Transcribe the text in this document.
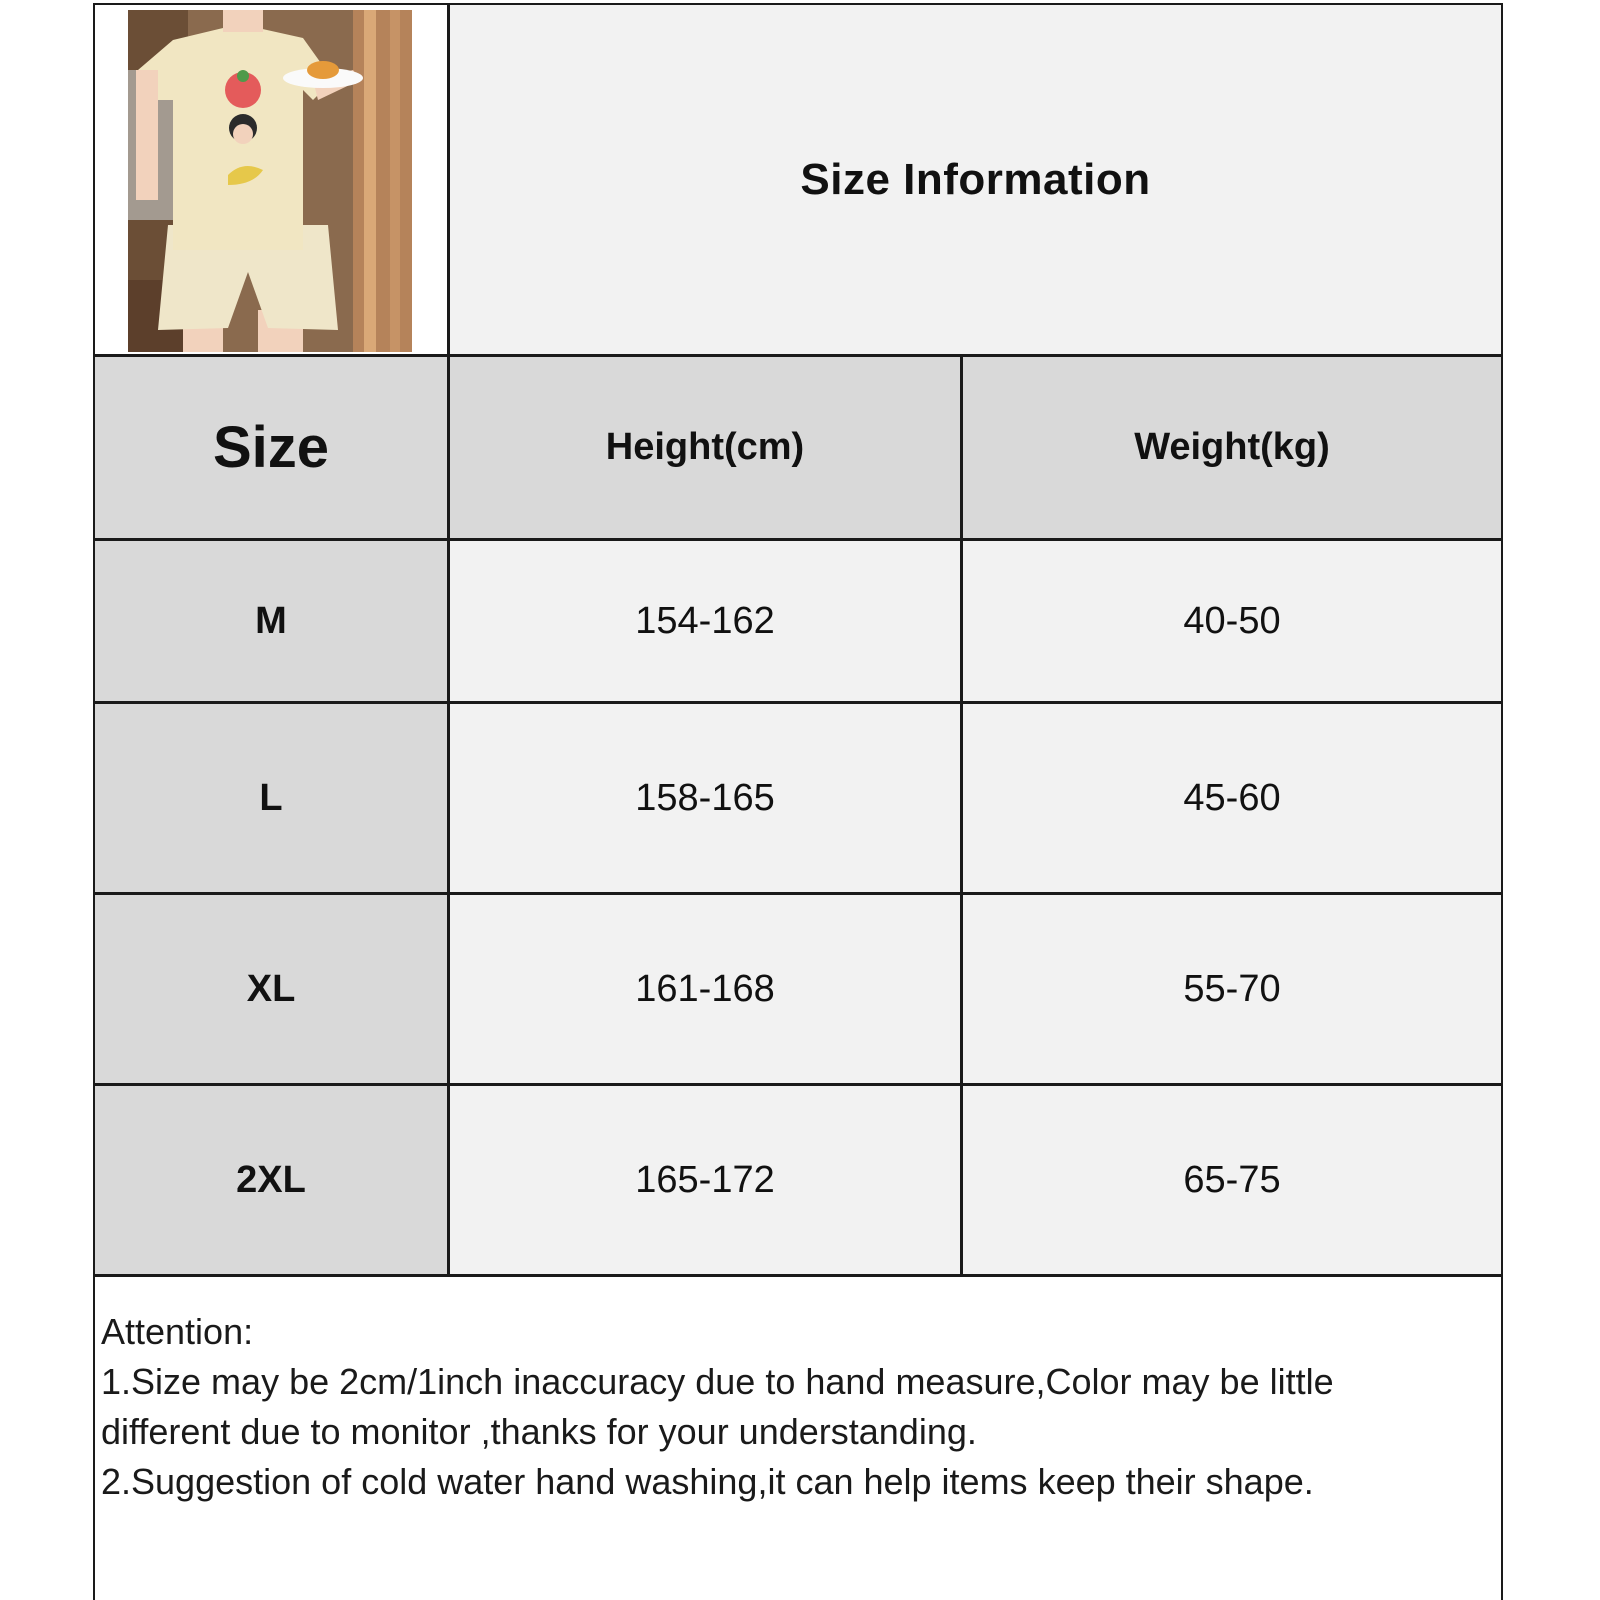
Size Information
Size	Height(cm)	Weight(kg)
M	154-162	40-50
L	158-165	45-60
XL	161-168	55-70
2XL	165-172	65-75
Attention:
1.Size may be 2cm/1inch inaccuracy due to hand measure,Color may be little
different due to monitor ,thanks for your understanding.
2.Suggestion of cold water hand washing,it can help items keep their shape.
